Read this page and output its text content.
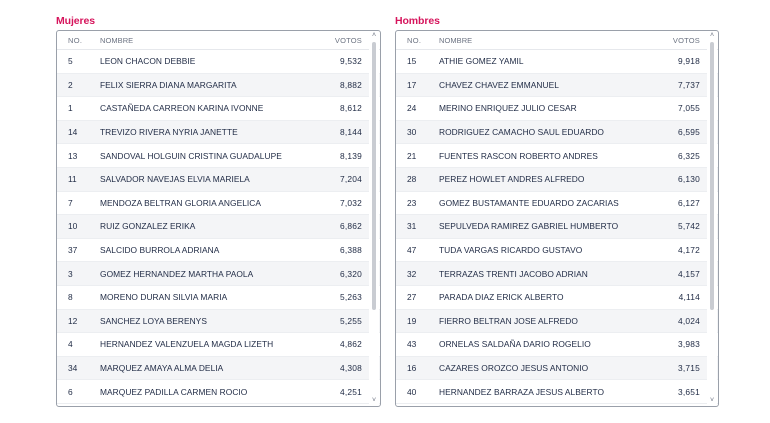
Mujeres
NO.	NOMBRE	VOTOS
5	LEON CHACON DEBBIE	9,532
2	FELIX SIERRA DIANA MARGARITA	8,882
1	CASTAÑEDA CARREON KARINA IVONNE	8,612
14	TREVIZO RIVERA NYRIA JANETTE	8,144
13	SANDOVAL HOLGUIN CRISTINA GUADALUPE	8,139
11	SALVADOR NAVEJAS ELVIA MARIELA	7,204
7	MENDOZA BELTRAN GLORIA ANGELICA	7,032
10	RUIZ GONZALEZ ERIKA	6,862
37	SALCIDO BURROLA ADRIANA	6,388
3	GOMEZ HERNANDEZ MARTHA PAOLA	6,320
8	MORENO DURAN SILVIA MARIA	5,263
12	SANCHEZ LOYA BERENYS	5,255
4	HERNANDEZ VALENZUELA MAGDA LIZETH	4,862
34	MARQUEZ AMAYA ALMA DELIA	4,308
6	MARQUEZ PADILLA CARMEN ROCIO	4,251
˄
˅
Hombres
NO.	NOMBRE	VOTOS
15	ATHIE GOMEZ YAMIL	9,918
17	CHAVEZ CHAVEZ EMMANUEL	7,737
24	MERINO ENRIQUEZ JULIO CESAR	7,055
30	RODRIGUEZ CAMACHO SAUL EDUARDO	6,595
21	FUENTES RASCON ROBERTO ANDRES	6,325
28	PEREZ HOWLET ANDRES ALFREDO	6,130
23	GOMEZ BUSTAMANTE EDUARDO ZACARIAS	6,127
31	SEPULVEDA RAMIREZ GABRIEL HUMBERTO	5,742
47	TUDA VARGAS RICARDO GUSTAVO	4,172
32	TERRAZAS TRENTI JACOBO ADRIAN	4,157
27	PARADA DIAZ ERICK ALBERTO	4,114
19	FIERRO BELTRAN JOSE ALFREDO	4,024
43	ORNELAS SALDAÑA DARIO ROGELIO	3,983
16	CAZARES OROZCO JESUS ANTONIO	3,715
40	HERNANDEZ BARRAZA JESUS ALBERTO	3,651
˄
˅
